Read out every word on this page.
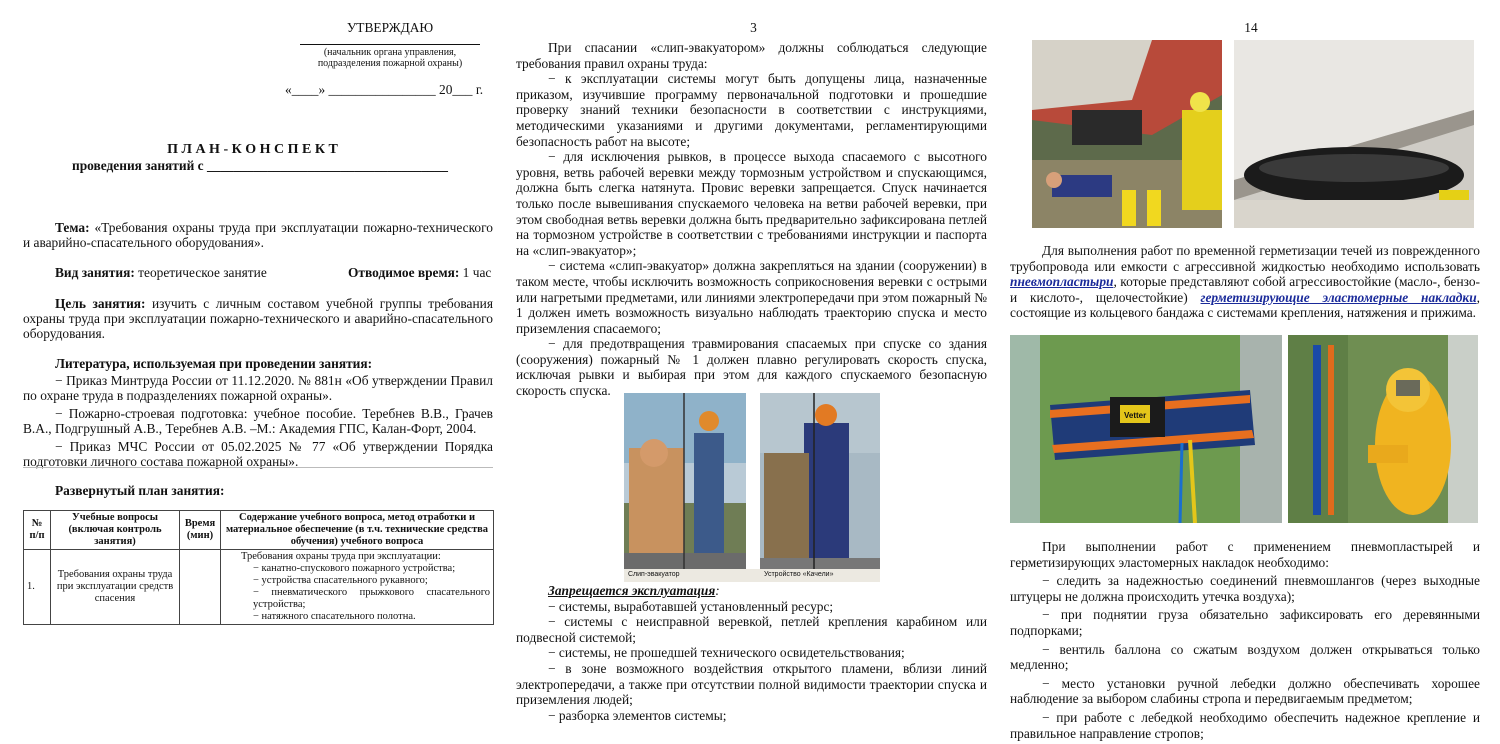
УТВЕРЖДАЮ
(начальник органа управления,
подразделения пожарной охраны)
«____» ________________ 20___ г.
П Л А Н - К О Н С П Е К Т
проведения занятий с ____________________________________

Тема: «Требования охраны труда при эксплуатации пожарно-технического и аварийно-спасательного оборудования».

Вид занятия: теоретическое занятие	Отводимое время: 1 час

Цель занятия: изучить с личным составом учебной группы требования охраны труда при эксплуатации пожарно-технического и аварийно-спасательного оборудования.

Литература, используемая при проведении занятия:

− Приказ Минтруда России от 11.12.2020. № 881н «Об утверждении Правил по охране труда в подразделениях пожарной охраны».

− Пожарно-строевая подготовка: учебное пособие. Теребнев В.В., Грачев В.А., Подгрушный А.В., Теребнев А.В. –М.: Академия ГПС, Калан-Форт, 2004.

− Приказ МЧС России от 05.02.2025 № 77 «Об утверждении Порядка подготовки личного состава пожарной охраны».

Развернутый план занятия:
№ п/п	Учебные вопросы (включая контроль занятия)	Время (мин)	Содержание учебного вопроса, метод отработки и материальное обеспечение (в т.ч. технические средства обучения) учебного вопроса
1.	Требования охраны труда при эксплуатации средств спасения		Требования охраны труда при эксплуатации:
− канатно-спускового пожарного устройства;
− устройства спасательного рукавного;
− пневматического прыжкового спасательного устройства;
− натяжного спасательного полотна.
3

При спасании «слип-эвакуатором» должны соблюдаться следующие требования правил охраны труда:

− к эксплуатации системы могут быть допущены лица, назначенные приказом, изучившие программу первоначальной подготовки и прошедшие проверку знаний техники безопасности в соответствии с инструкциями, методическими указаниями и другими документами, регламентирующими безопасность работ на высоте;

− для исключения рывков, в процессе выхода спасаемого с высотного уровня, ветвь рабочей веревки между тормозным устройством и спускающимся, должна быть слегка натянута. Провис веревки запрещается. Спуск начинается только после вывешивания спускаемого человека на ветви рабочей веревки, при этом свободная ветвь веревки должна быть предварительно зафиксирована петлей на тормозном устройстве в соответствии с требованиями инструкции и паспорта на «слип-эвакуатор»;

− система «слип-эвакуатор» должна закрепляться на здании (сооружении) в таком месте, чтобы исключить возможность соприкосновения веревки с острыми или нагретыми предметами, или линиями электропередачи при этом пожарный № 1 должен иметь возможность визуально наблюдать траекторию спуска и место приземления спасаемого;

− для предотвращения травмирования спасаемых при спуске со здания (сооружения) пожарный № 1 должен плавно регулировать скорость спуска, исключая рывки и выбирая при этом для каждого спускаемого безопасную скорость спуска.

Слип-эвакуатор	Устройство «Качели»

Запрещается эксплуатация:

− системы, выработавшей установленный ресурс;

− системы с неисправной веревкой, петлей крепления карабином или подвесной системой;

− системы, не прошедшей технического освидетельствования;

− в зоне возможного воздействия открытого пламени, вблизи линий электропередачи, а также при отсутствии полной видимости траектории спуска и приземления людей;

− разборка элементов системы;

14

Для выполнения работ по временной герметизации течей из поврежденного трубопровода или емкости с агрессивной жидкостью необходимо использовать пневмопластыри, которые представляют собой агрессивостойкие (масло-, бензо- и кислото-, щелочестойкие) герметизирующие эластомерные накладки, состоящие из кольцевого бандажа с системами крепления, натяжения и прижима.

Vetter

При выполнении работ с применением пневмопластырей и герметизирующих эластомерных накладок необходимо:

− следить за надежностью соединений пневмошлангов (через выходные штуцеры не должна происходить утечка воздуха);

− при поднятии груза обязательно зафиксировать его деревянными подпорками;

− вентиль баллона со сжатым воздухом должен открываться только медленно;

− место установки ручной лебедки должно обеспечивать хорошее наблюдение за выбором слабины стропа и передвигаемым предметом;

− при работе с лебедкой необходимо обеспечить надежное крепление и правильное направление стропов;
